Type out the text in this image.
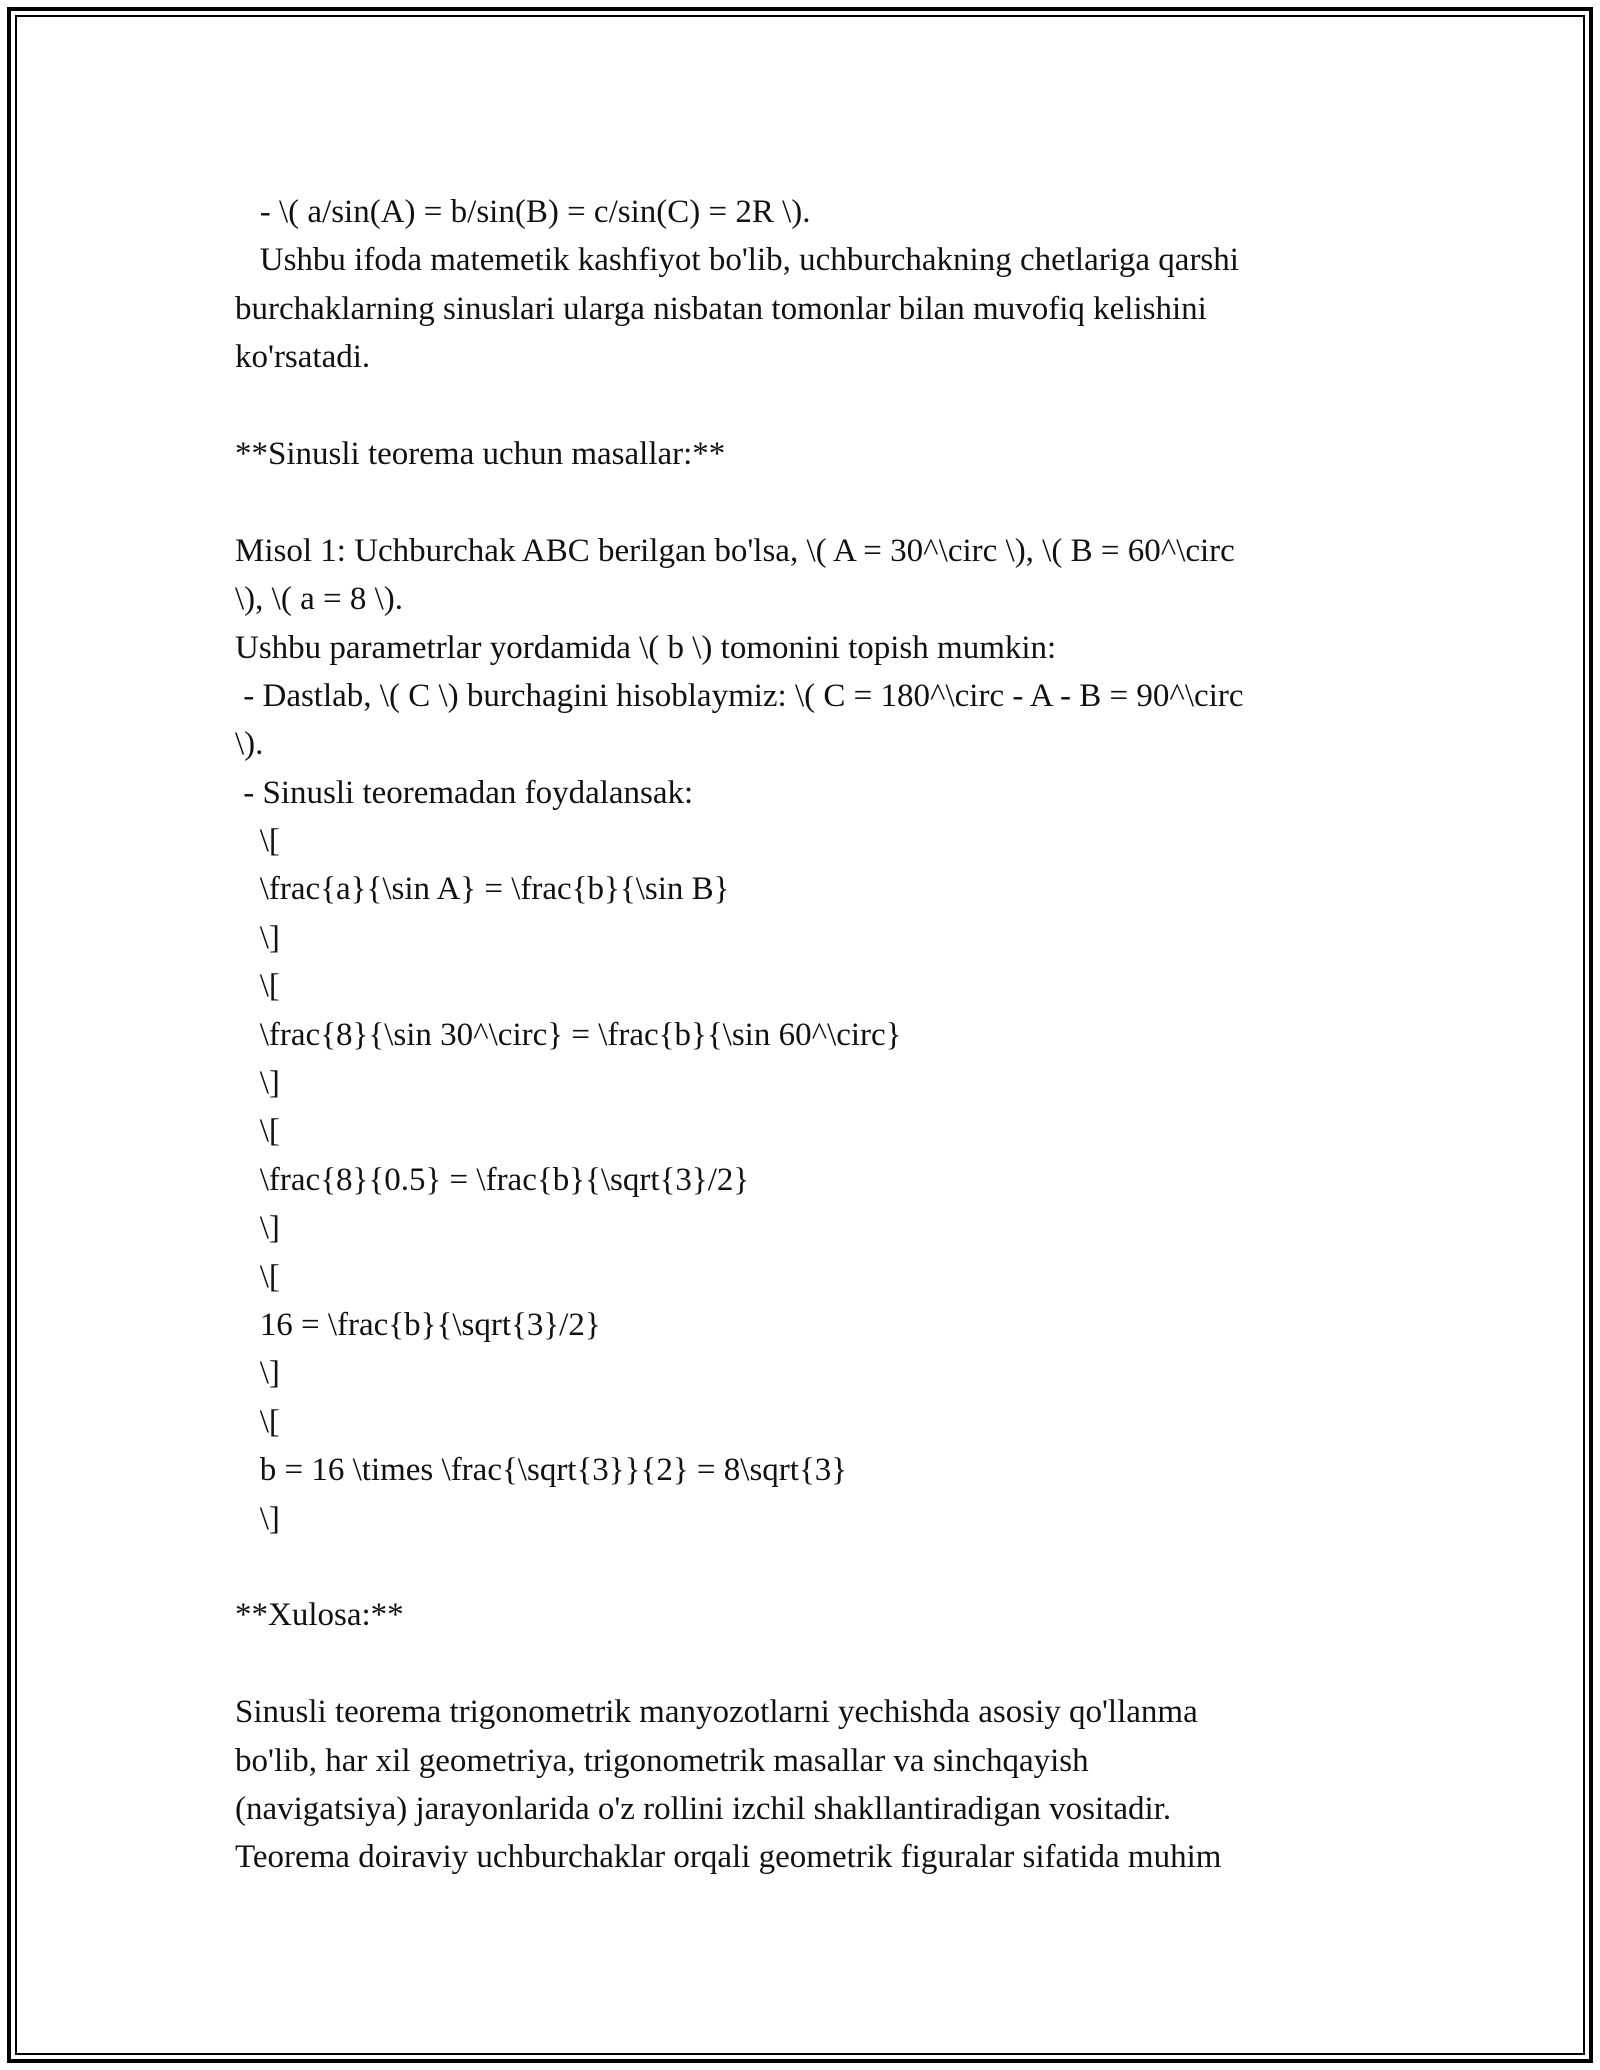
- \( a/sin(A) = b/sin(B) = c/sin(C) = 2R \).
Ushbu ifoda matemetik kashfiyot bo'lib, uchburchakning chetlariga qarshi
burchaklarning sinuslari ularga nisbatan tomonlar bilan muvofiq kelishini
ko'rsatadi.
**Sinusli teorema uchun masallar:**
Misol 1: Uchburchak ABC berilgan bo'lsa, \( A = 30^\circ \), \( B = 60^\circ
\), \( a = 8 \).
Ushbu parametrlar yordamida \( b \) tomonini topish mumkin:
- Dastlab, \( C \) burchagini hisoblaymiz: \( C = 180^\circ - A - B = 90^\circ
\).
- Sinusli teoremadan foydalansak:
\[
\frac{a}{\sin A} = \frac{b}{\sin B}
\]
\[
\frac{8}{\sin 30^\circ} = \frac{b}{\sin 60^\circ}
\]
\[
\frac{8}{0.5} = \frac{b}{\sqrt{3}/2}
\]
\[
16 = \frac{b}{\sqrt{3}/2}
\]
\[
b = 16 \times \frac{\sqrt{3}}{2} = 8\sqrt{3}
\]
**Xulosa:**
Sinusli teorema trigonometrik manyozotlarni yechishda asosiy qo'llanma
bo'lib, har xil geometriya, trigonometrik masallar va sinchqayish
(navigatsiya) jarayonlarida o'z rollini izchil shakllantiradigan vositadir.
Teorema doiraviy uchburchaklar orqali geometrik figuralar sifatida muhim
